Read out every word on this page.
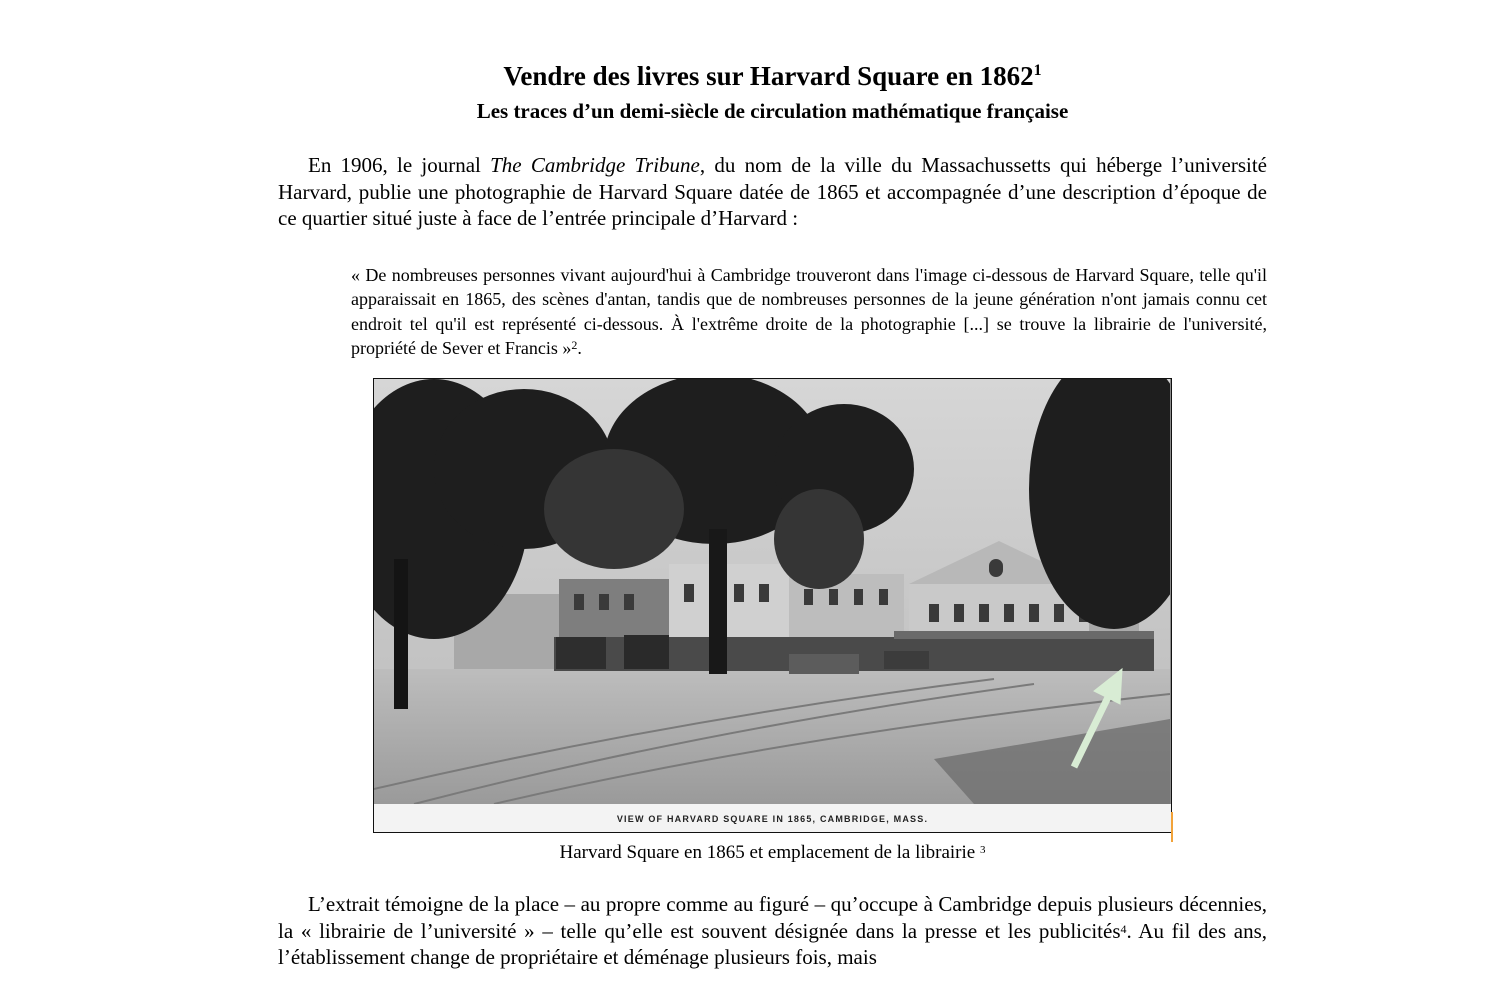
Vendre des livres sur Harvard Square en 1862$^1$
Les traces d’un demi-siècle de circulation mathématique française

En 1906, le journal The Cambridge Tribune, du nom de la ville du Massachussetts qui héberge l’université Harvard, publie une photographie de Harvard Square datée de 1865 et accompagnée d’une description d’époque de ce quartier situé juste à face de l’entrée principale d’Harvard :

« De nombreuses personnes vivant aujourd'hui à Cambridge trouveront dans l'image ci-dessous de Harvard Square, telle qu'il apparaissait en 1865, des scènes d'antan, tandis que de nombreuses personnes de la jeune génération n'ont jamais connu cet endroit tel qu'il est représenté ci-dessous. À l'extrême droite de la photographie [...] se trouve la librairie de l'université, propriété de Sever et Francis »$^2$.

VIEW OF HARVARD SQUARE IN 1865, CAMBRIDGE, MASS.
Harvard Square en 1865 et emplacement de la librairie $^3$

L’extrait témoigne de la place – au propre comme au figuré – qu’occupe à Cambridge depuis plusieurs décennies, la « librairie de l’université » – telle qu’elle est souvent désignée dans la presse et les publicités$^4$. Au fil des ans, l’établissement change de propriétaire et déménage plusieurs fois, mais
